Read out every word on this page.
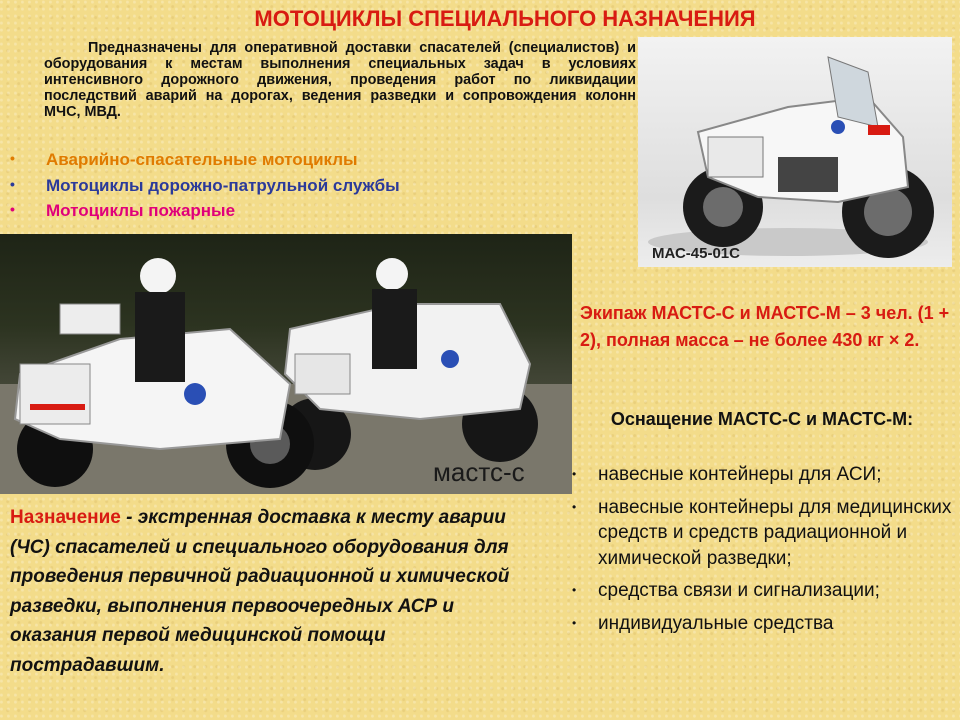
МОТОЦИКЛЫ СПЕЦИАЛЬНОГО НАЗНАЧЕНИЯ
Предназначены для оперативной доставки спасателей (специалистов) и оборудования к местам выполнения специальных задач в условиях интенсивного дорожного движения, проведения работ по ликвидации последствий аварий на дорогах, ведения разведки и сопровождения колонн МЧС, МВД.
• Аварийно-спасательные мотоциклы
• Мотоциклы дорожно-патрульной службы
• Мотоциклы пожарные
МАС-45-01С
мастс-с
Экипаж МАСТС-С и МАСТС-М – 3 чел. (1 + 2), полная масса – не более 430 кг × 2.
Оснащение МАСТС-С и МАСТС-М:
• навесные контейнеры для АСИ;
• навесные контейнеры для медицинских средств и средств радиационной и химической разведки;
• средства связи и сигнализации;
• индивидуальные средства
Назначение - экстренная доставка к месту аварии (ЧС) спасателей и специального оборудования для проведения первичной радиационной и химической разведки, выполнения первоочередных АСР и оказания первой медицинской помощи пострадавшим.
